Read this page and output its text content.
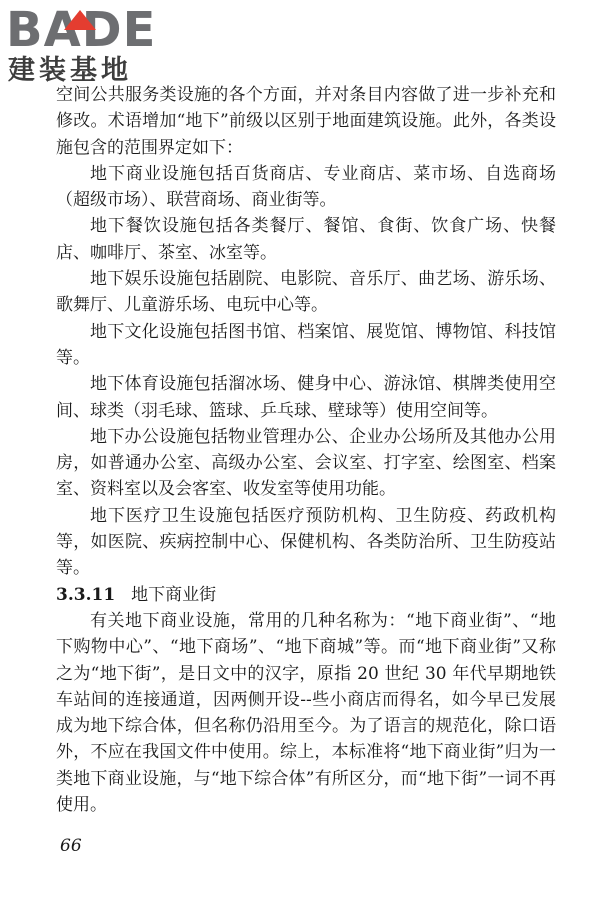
BADE
建装基地

空间公共服务类设施的各个方面，并对条目内容做了进一步补充和修改。术语增加“地下”前级以区别于地面建筑设施。此外，各类设施包含的范围界定如下：

地下商业设施包括百货商店、专业商店、菜市场、自选商场（超级市场）、联营商场、商业街等。

地下餐饮设施包括各类餐厅、餐馆、食街、饮食广场、快餐店、咖啡厅、茶室、冰室等。

地下娱乐设施包括剧院、电影院、音乐厅、曲艺场、游乐场、歌舞厅、儿童游乐场、电玩中心等。

地下文化设施包括图书馆、档案馆、展览馆、博物馆、科技馆等。

地下体育设施包括溜冰场、健身中心、游泳馆、棋牌类使用空间、球类（羽毛球、篮球、乒乓球、壁球等）使用空间等。

地下办公设施包括物业管理办公、企业办公场所及其他办公用房，如普通办公室、高级办公室、会议室、打字室、绘图室、档案室、资料室以及会客室、收发室等使用功能。

地下医疗卫生设施包括医疗预防机构、卫生防疫、药政机构等，如医院、疾病控制中心、保健机构、各类防治所、卫生防疫站等。

3.3.11 地下商业街

有关地下商业设施，常用的几种名称为：“地下商业街”、“地下购物中心”、“地下商场”、“地下商城”等。而“地下商业街”又称之为“地下街”，是日文中的汉字，原指 20 世纪 30 年代早期地铁车站间的连接通道，因两侧开设--些小商店而得名，如今早已发展成为地下综合体，但名称仍沿用至今。为了语言的规范化，除口语外，不应在我国文件中使用。综上，本标准将“地下商业街”归为一类地下商业设施，与“地下综合体”有所区分，而“地下街”一词不再使用。

66
